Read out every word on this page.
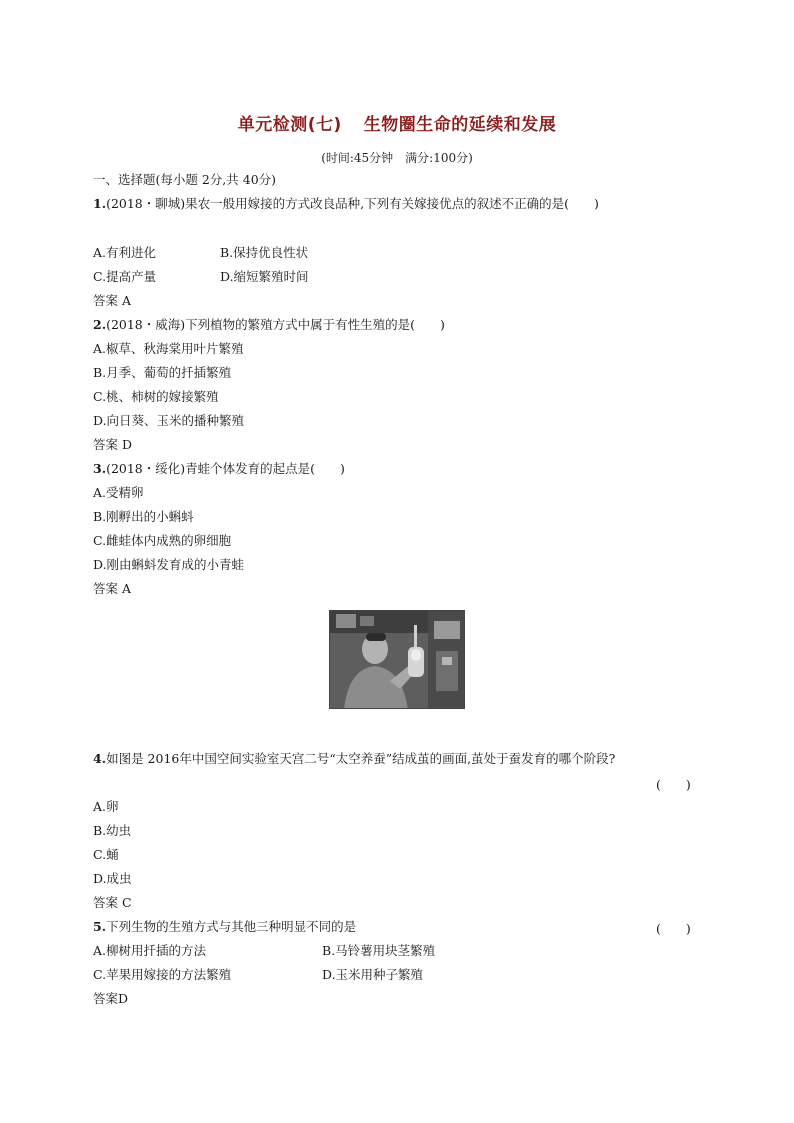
单元检测(七) 生物圈生命的延续和发展
(时间:45分钟　满分:100分)
一、选择题(每小题 2分,共 40分)
1.(2018・聊城)果农一般用嫁接的方式改良品种,下列有关嫁接优点的叙述不正确的是(　　)
A.有利进化	B.保持优良性状
C.提高产量	D.缩短繁殖时间
答案 A
2.(2018・威海)下列植物的繁殖方式中属于有性生殖的是(　　)
A.椒草、秋海棠用叶片繁殖
B.月季、葡萄的扦插繁殖
C.桃、柿树的嫁接繁殖
D.向日葵、玉米的播种繁殖
答案 D
3.(2018・绥化)青蛙个体发育的起点是(　　)
A.受精卵
B.刚孵出的小蝌蚪
C.雌蛙体内成熟的卵细胞
D.刚由蝌蚪发育成的小青蛙
答案 A
4.如图是 2016年中国空间实验室天宫二号“太空养蚕”结成茧的画面,茧处于蚕发育的哪个阶段?
(　　)
A.卵
B.幼虫
C.蛹
D.成虫
答案 C
5.下列生物的生殖方式与其他三种明显不同的是	(　　)
A.柳树用扦插的方法	B.马铃薯用块茎繁殖
C.苹果用嫁接的方法繁殖	D.玉米用种子繁殖
答案D
